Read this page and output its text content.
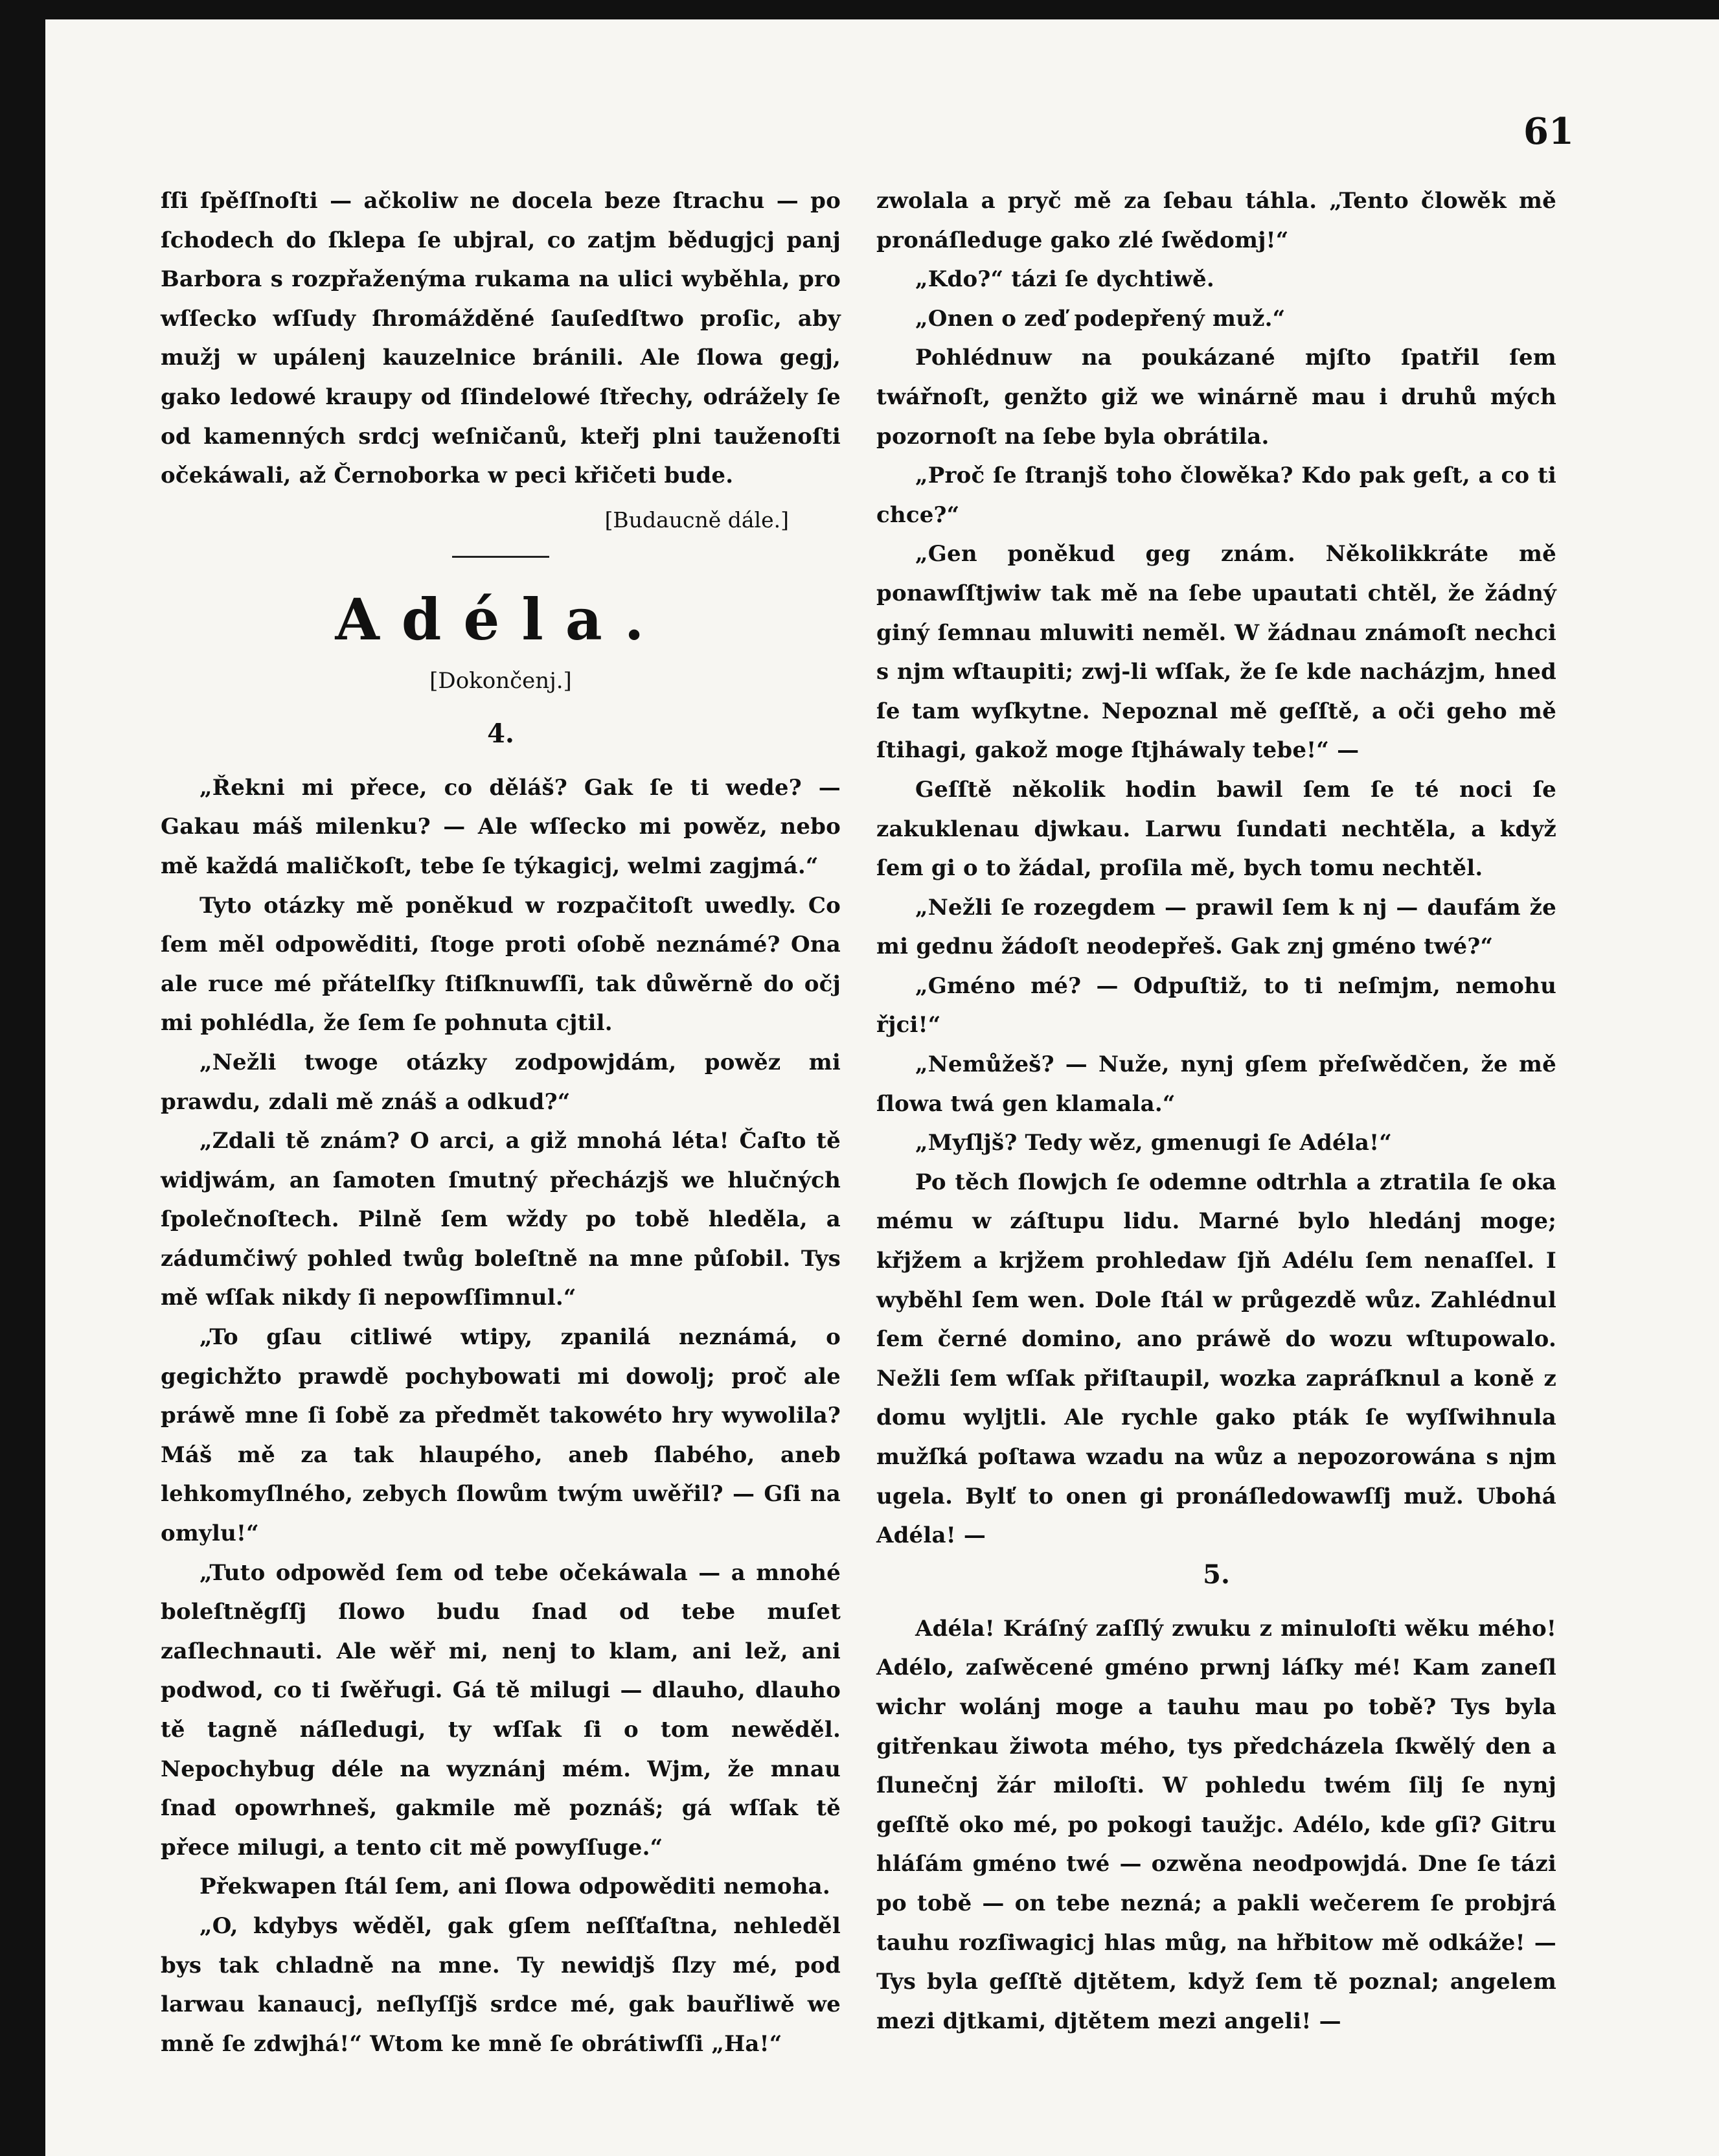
61

ſſi ſpěſſnoſti — ačkoliw ne docela beze ſtrachu — po ſchodech do ſklepa ſe ubjral, co zatjm bědugjcj panj Barbora s rozpřaženýma rukama na ulici wyběhla, pro wſſecko wſſudy ſhromážděné ſauſedſtwo proſic, aby mužj w upálenj kauzelnice bránili. Ale ſlowa gegj, gako ledowé kraupy od ſſindelowé ſtřechy, odrážely ſe od kamenných srdcj weſničanů, kteřj plni tauženoſti očekáwali, až Černoborka w peci křičeti bude.

[Budaucně dále.]

Adéla.
[Dokončenj.]
4.

„Řekni mi přece, co děláš? Gak ſe ti wede? — Gakau máš milenku? — Ale wſſecko mi powěz, nebo mě každá maličkoſt, tebe ſe týkagicj, welmi zagjmá.“

Tyto otázky mě poněkud w rozpačitoſt uwedly. Co ſem měl odpowěditi, ſtoge proti oſobě neznámé? Ona ale ruce mé přátelſky ſtiſknuwſſi, tak důwěrně do očj mi pohlédla, že ſem ſe pohnuta cjtil.

„Nežli twoge otázky zodpowjdám, powěz mi prawdu, zdali mě znáš a odkud?“

„Zdali tě znám? O arci, a giž mnohá léta! Čaſto tě widjwám, an ſamoten ſmutný přecházjš we hlučných ſpolečnoſtech. Pilně ſem wždy po tobě hleděla, a zádumčiwý pohled twůg boleſtně na mne půſobil. Tys mě wſſak nikdy ſi nepowſſimnul.“

„To gſau citliwé wtipy, zpanilá neznámá, o gegichžto prawdě pochybowati mi dowolj; proč ale práwě mne ſi ſobě za předmět takowéto hry wywolila? Máš mě za tak hlaupého, aneb ſlabého, aneb lehkomyſlného, zebych ſlowům twým uwěřil? — Gſi na omylu!“

„Tuto odpowěd ſem od tebe očekáwala — a mnohé boleſtněgſſj ſlowo budu ſnad od tebe muſet zaſlechnauti. Ale wěř mi, nenj to klam, ani lež, ani podwod, co ti ſwěřugi. Gá tě milugi — dlauho, dlauho tě tagně náſledugi, ty wſſak ſi o tom newěděl. Nepochybug déle na wyznánj mém. Wjm, že mnau ſnad opowrhneš, gakmile mě poznáš; gá wſſak tě přece milugi, a tento cit mě powyſſuge.“

Překwapen ſtál ſem, ani ſlowa odpowěditi nemoha.

„O, kdybys wěděl, gak gſem neſſťaſtna, nehleděl bys tak chladně na mne. Ty newidjš ſlzy mé, pod larwau kanaucj, neſlyſſjš srdce mé, gak bauřliwě we mně ſe zdwjhá!“ Wtom ke mně ſe obrátiwſſi „Ha!“

zwolala a pryč mě za ſebau táhla. „Tento člowěk mě pronáſleduge gako zlé ſwědomj!“

„Kdo?“ tázi ſe dychtiwě.

„Onen o zeď podepřený muž.“

Pohlédnuw na poukázané mjſto ſpatřil ſem twářnoſt, genžto giž we winárně mau i druhů mých pozornoſt na ſebe byla obrátila.

„Proč ſe ſtranjš toho člowěka? Kdo pak geſt, a co ti chce?“

„Gen poněkud geg znám. Několikkráte mě ponawſſtjwiw tak mě na ſebe upautati chtěl, že žádný giný ſemnau mluwiti neměl. W žádnau známoſt nechci s njm wſtaupiti; zwj-li wſſak, že ſe kde nacházjm, hned ſe tam wyſkytne. Nepoznal mě geſſtě, a oči geho mě ſtihagi, gakož moge ſtjháwaly tebe!“ —

Geſſtě několik hodin bawil ſem ſe té noci ſe zakuklenau djwkau. Larwu ſundati nechtěla, a když ſem gi o to žádal, proſila mě, bych tomu nechtěl.

„Nežli ſe rozegdem — prawil ſem k nj — daufám že mi gednu žádoſt neodepřeš. Gak znj gméno twé?“

„Gméno mé? — Odpuſtiž, to ti neſmjm, nemohu řjci!“

„Nemůžeš? — Nuže, nynj gſem přeſwědčen, že mě ſlowa twá gen klamala.“

„Myſljš? Tedy wěz, gmenugi ſe Adéla!“

Po těch ſlowjch ſe odemne odtrhla a ztratila ſe oka mému w záſtupu lidu. Marné bylo hledánj moge; křjžem a krjžem prohledaw ſjň Adélu ſem nenaſſel. I wyběhl ſem wen. Dole ſtál w průgezdě wůz. Zahlédnul ſem černé domino, ano práwě do wozu wſtupowalo. Nežli ſem wſſak přiſtaupil, wozka zapráſknul a koně z domu wyljtli. Ale rychle gako pták ſe wyſſwihnula mužſká poſtawa wzadu na wůz a nepozorowána s njm ugela. Bylť to onen gi pronáſledowawſſj muž. Ubohá Adéla! —

5.

Adéla! Kráſný zaſſlý zwuku z minuloſti wěku mého! Adélo, zaſwěcené gméno prwnj láſky mé! Kam zaneſl wichr wolánj moge a tauhu mau po tobě? Tys byla gitřenkau žiwota mého, tys předcházela ſkwělý den a ſlunečnj žár miloſti. W pohledu twém ſilj ſe nynj geſſtě oko mé, po pokogi taužjc. Adélo, kde gſi? Gitru hláſám gméno twé — ozwěna neodpowjdá. Dne ſe tázi po tobě — on tebe nezná; a pakli wečerem ſe probjrá tauhu rozſiwagicj hlas můg, na hřbitow mě odkáže! — Tys byla geſſtě djtětem, když ſem tě poznal; angelem mezi djtkami, djtětem mezi angeli! —
